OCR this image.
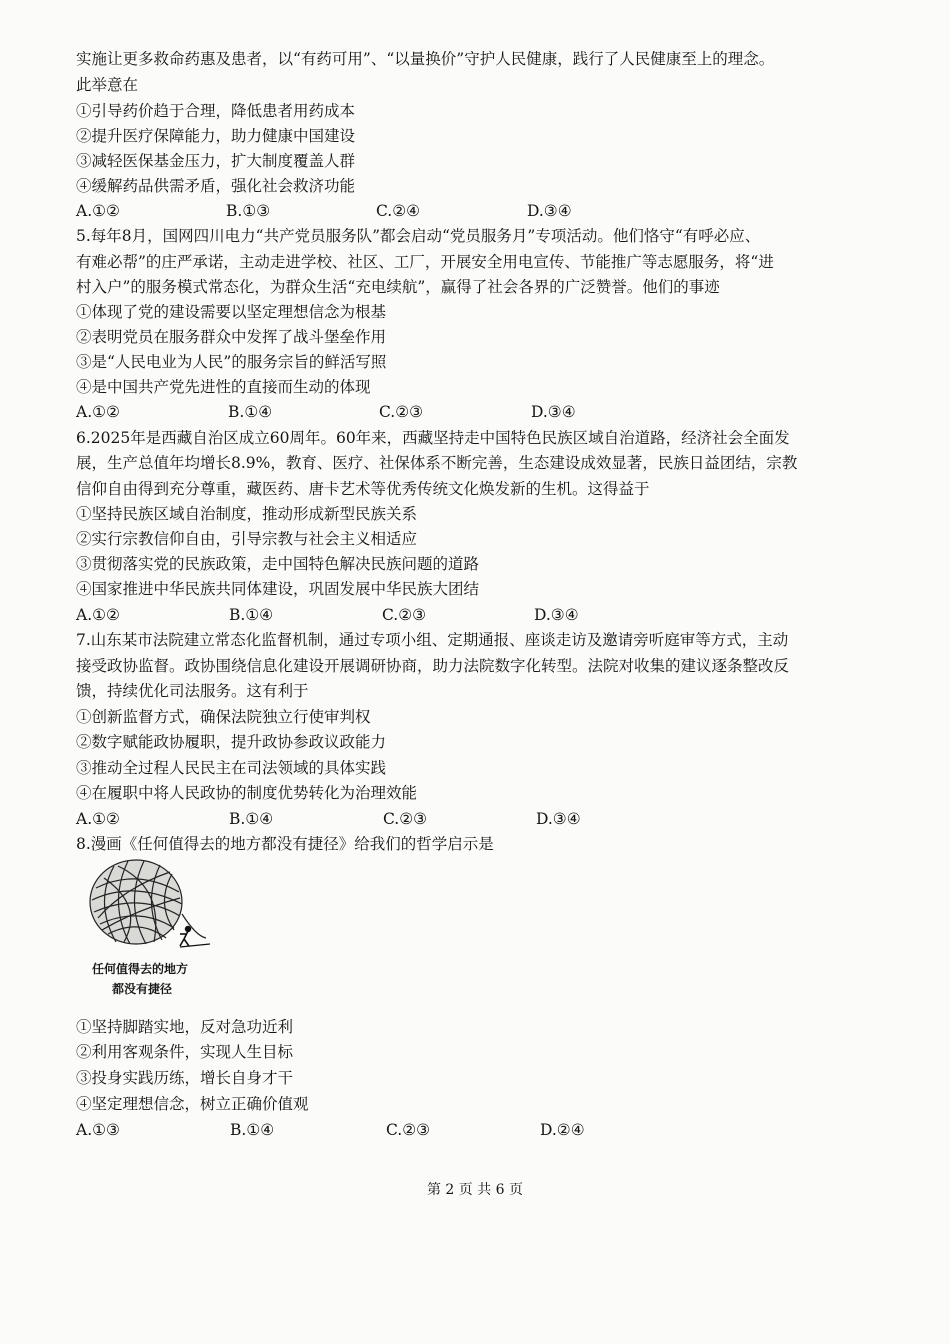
实施让更多救命药惠及患者，以“有药可用”、“以量换价”守护人民健康，践行了人民健康至上的理念。
此举意在
①引导药价趋于合理，降低患者用药成本
②提升医疗保障能力，助力健康中国建设
③减轻医保基金压力，扩大制度覆盖人群
④缓解药品供需矛盾，强化社会救济功能
A.①②	B.①③	C.②④	D.③④
5.每年8月，国网四川电力“共产党员服务队”都会启动“党员服务月”专项活动。他们恪守“有呼必应、
有难必帮”的庄严承诺，主动走进学校、社区、工厂，开展安全用电宣传、节能推广等志愿服务，将“进
村入户”的服务模式常态化，为群众生活“充电续航”，赢得了社会各界的广泛赞誉。他们的事迹
①体现了党的建设需要以坚定理想信念为根基
②表明党员在服务群众中发挥了战斗堡垒作用
③是“人民电业为人民”的服务宗旨的鲜活写照
④是中国共产党先进性的直接而生动的体现
A.①②	B.①④	C.②③	D.③④
6.2025年是西藏自治区成立60周年。60年来，西藏坚持走中国特色民族区域自治道路，经济社会全面发
展，生产总值年均增长8.9%，教育、医疗、社保体系不断完善，生态建设成效显著，民族日益团结，宗教
信仰自由得到充分尊重，藏医药、唐卡艺术等优秀传统文化焕发新的生机。这得益于
①坚持民族区域自治制度，推动形成新型民族关系
②实行宗教信仰自由，引导宗教与社会主义相适应
③贯彻落实党的民族政策，走中国特色解决民族问题的道路
④国家推进中华民族共同体建设，巩固发展中华民族大团结
A.①②	B.①④	C.②③	D.③④
7.山东某市法院建立常态化监督机制，通过专项小组、定期通报、座谈走访及邀请旁听庭审等方式，主动
接受政协监督。政协围绕信息化建设开展调研协商，助力法院数字化转型。法院对收集的建议逐条整改反
馈，持续优化司法服务。这有利于
①创新监督方式，确保法院独立行使审判权
②数字赋能政协履职，提升政协参政议政能力
③推动全过程人民民主在司法领域的具体实践
④在履职中将人民政协的制度优势转化为治理效能
A.①②	B.①④	C.②③	D.③④
8.漫画《任何值得去的地方都没有捷径》给我们的哲学启示是
任何值得去的地方
都没有捷径
①坚持脚踏实地，反对急功近利
②利用客观条件，实现人生目标
③投身实践历练，增长自身才干
④坚定理想信念，树立正确价值观
A.①③	B.①④	C.②③	D.②④
第 2 页 共 6 页
